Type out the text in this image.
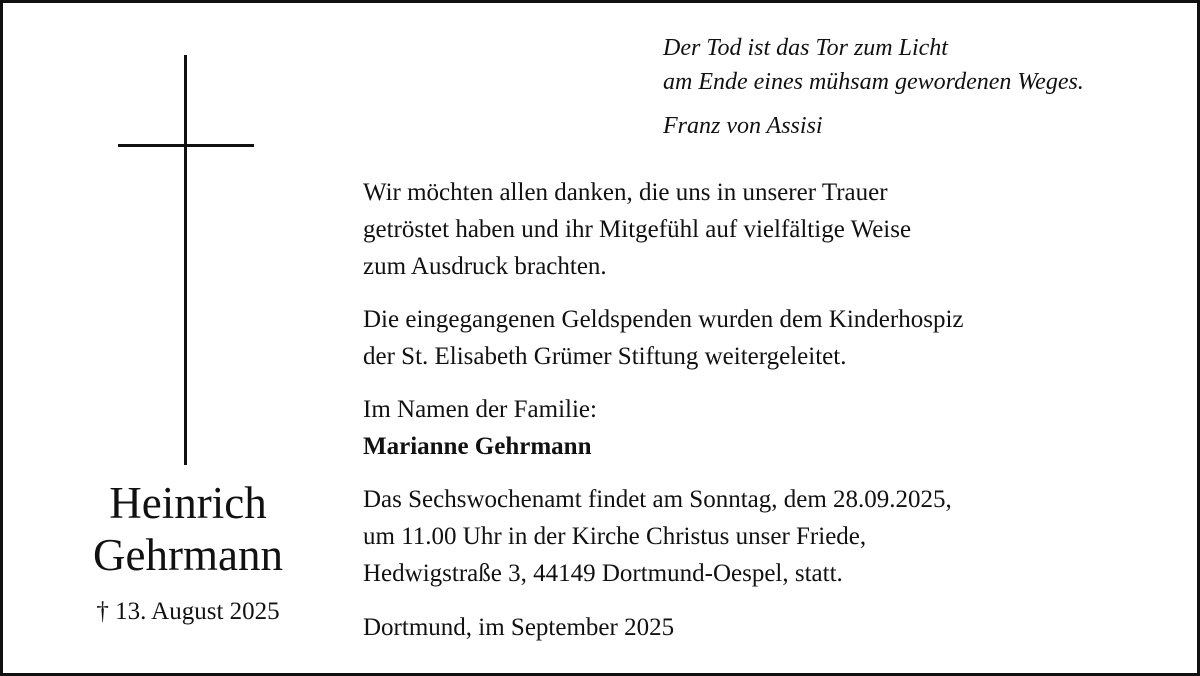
Der Tod ist das Tor zum Licht
am Ende eines mühsam gewordenen Weges.
Franz von Assisi
Heinrich
Gehrmann
† 13. August 2025
Wir möchten allen danken, die uns in unserer Trauer
getröstet haben und ihr Mitgefühl auf vielfältige Weise
zum Ausdruck brachten.
Die eingegangenen Geldspenden wurden dem Kinderhospiz
der St. Elisabeth Grümer Stiftung weitergeleitet.
Im Namen der Familie:
Marianne Gehrmann
Das Sechswochenamt findet am Sonntag, dem 28.09.2025,
um 11.00 Uhr in der Kirche Christus unser Friede,
Hedwigstraße 3, 44149 Dortmund-Oespel, statt.
Dortmund, im September 2025
